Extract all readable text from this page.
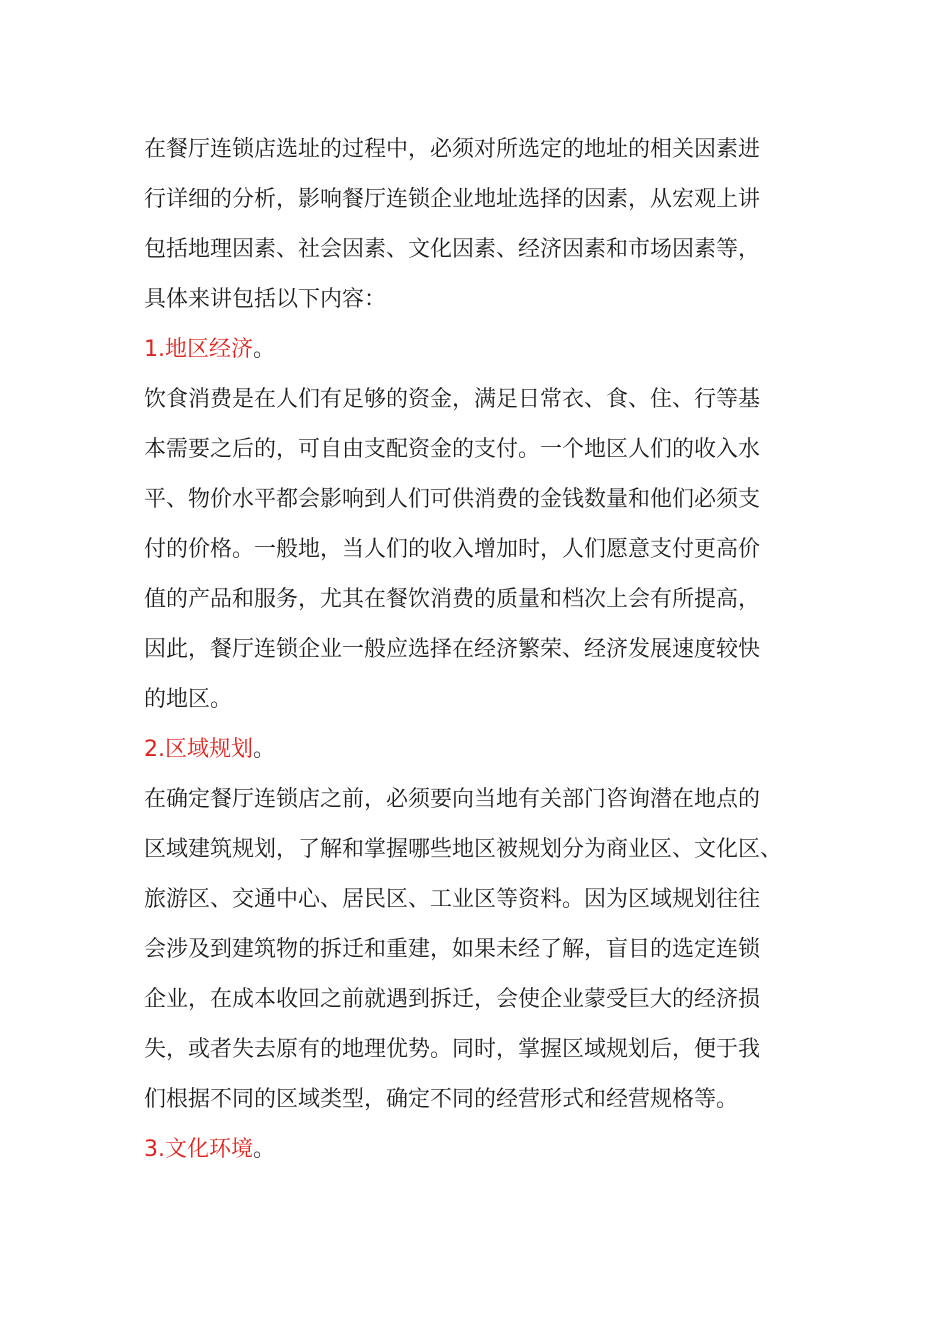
在餐厅连锁店选址的过程中，必须对所选定的地址的相关因素进
行详细的分析，影响餐厅连锁企业地址选择的因素，从宏观上讲
包括地理因素、社会因素、文化因素、经济因素和市场因素等，
具体来讲包括以下内容：
1.地区经济。
饮食消费是在人们有足够的资金，满足日常衣、食、住、行等基
本需要之后的，可自由支配资金的支付。一个地区人们的收入水
平、物价水平都会影响到人们可供消费的金钱数量和他们必须支
付的价格。一般地，当人们的收入增加时，人们愿意支付更高价
值的产品和服务，尤其在餐饮消费的质量和档次上会有所提高，
因此，餐厅连锁企业一般应选择在经济繁荣、经济发展速度较快
的地区。
2.区域规划。
在确定餐厅连锁店之前，必须要向当地有关部门咨询潜在地点的
区域建筑规划，了解和掌握哪些地区被规划分为商业区、文化区、
旅游区、交通中心、居民区、工业区等资料。因为区域规划往往
会涉及到建筑物的拆迁和重建，如果未经了解，盲目的选定连锁
企业，在成本收回之前就遇到拆迁，会使企业蒙受巨大的经济损
失，或者失去原有的地理优势。同时，掌握区域规划后，便于我
们根据不同的区域类型，确定不同的经营形式和经营规格等。
3.文化环境。
